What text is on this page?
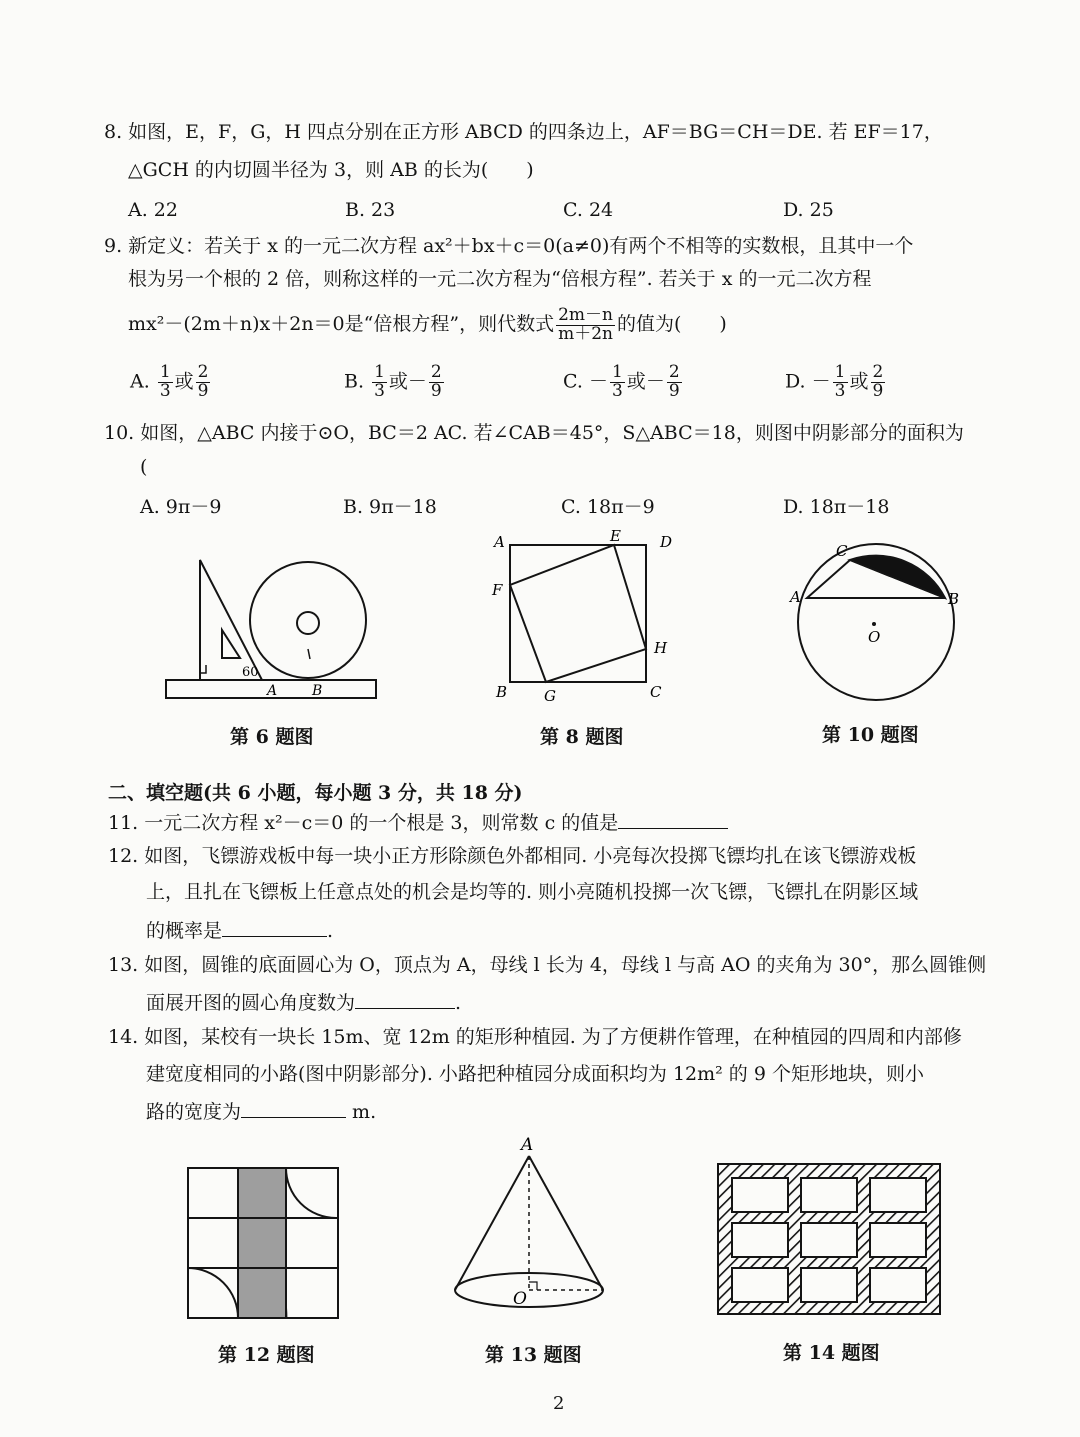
8. 如图，E，F，G，H 四点分别在正方形 ABCD 的四条边上，AF＝BG＝CH＝DE. 若 EF＝17，
△GCH 的内切圆半径为 3，则 AB 的长为(　　)
A. 22	B. 23	C. 24	D. 25
9. 新定义：若关于 x 的一元二次方程 ax²＋bx＋c＝0(a≠0)有两个不相等的实数根，且其中一个
根为另一个根的 2 倍，则称这样的一元二次方程为“倍根方程”. 若关于 x 的一元二次方程
mx²－(2m＋n)x＋2n＝0是“倍根方程”，则代数式 $\frac{2m-n}{m+2n}$ 的值为(　　)
A. $\frac{1}{3}$ 或 $\frac{2}{9}$	B. $\frac{1}{3}$ 或－ $\frac{2}{9}$	C. － $\frac{1}{3}$ 或－ $\frac{2}{9}$	D. － $\frac{1}{3}$ 或 $\frac{2}{9}$
10. 如图，△ABC 内接于⊙O，BC＝2 AC. 若∠CAB＝45°，S△ABC＝18，则图中阴影部分的面积为
(
A. 9π－9	B. 9π－18	C. 18π－9	D. 18π－18
60
A B
第 6 题图
A	E	D
F
H
B G	C
第 8 题图
C
A	B
O
第 10 题图
二、填空题(共 6 小题，每小题 3 分，共 18 分)
11. 一元二次方程 x²－c＝0 的一个根是 3，则常数 c 的值是
12. 如图，飞镖游戏板中每一块小正方形除颜色外都相同. 小亮每次投掷飞镖均扎在该飞镖游戏板
上，且扎在飞镖板上任意点处的机会是均等的. 则小亮随机投掷一次飞镖，飞镖扎在阴影区域
的概率是	.
13. 如图，圆锥的底面圆心为 O，顶点为 A，母线 l 长为 4，母线 l 与高 AO 的夹角为 30°，那么圆锥侧
面展开图的圆心角度数为	.
14. 如图，某校有一块长 15m、宽 12m 的矩形种植园. 为了方便耕作管理，在种植园的四周和内部修
建宽度相同的小路(图中阴影部分). 小路把种植园分成面积均为 12m² 的 9 个矩形地块，则小
路的宽度为	m.
第 12 题图
A
O
第 13 题图	第 14 题图
2
